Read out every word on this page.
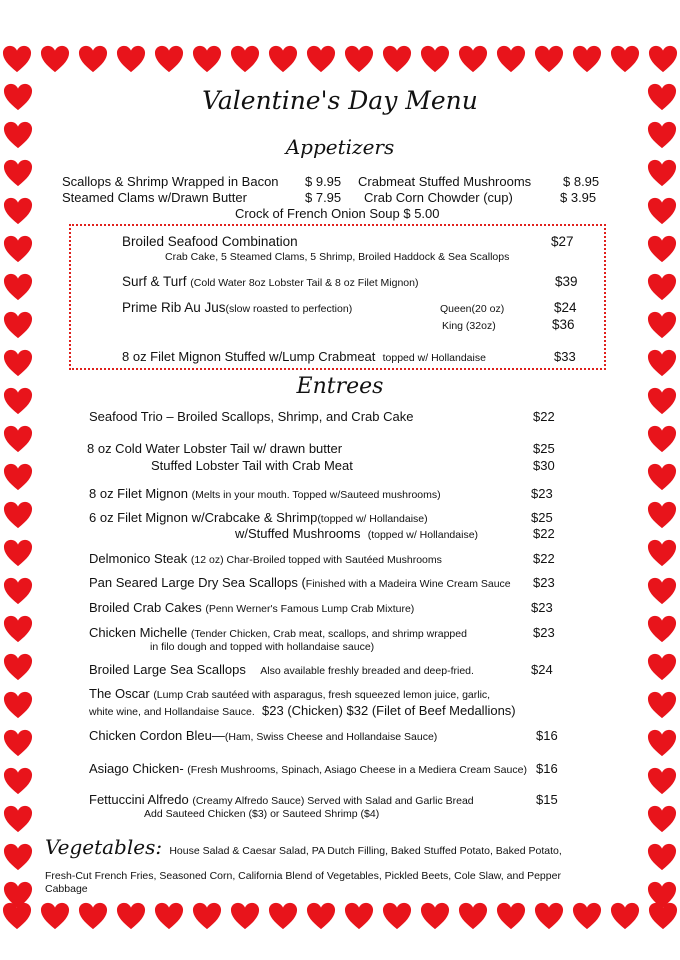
Valentine's Day Menu
Appetizers
Scallops & Shrimp Wrapped in Bacon $ 9.95 Crabmeat Stuffed Mushrooms $ 8.95
Steamed Clams w/Drawn Butter	$ 7.95 Crab Corn Chowder (cup)	$ 3.95
Crock of French Onion Soup $ 5.00
Broiled Seafood Combination	$27
Crab Cake, 5 Steamed Clams, 5 Shrimp, Broiled Haddock & Sea Scallops
Surf & Turf (Cold Water 8oz Lobster Tail & 8 oz Filet Mignon)	$39
Prime Rib Au Jus(slow roasted to perfection)	Queen(20 oz)	$24
King (32oz)	$36
8 oz Filet Mignon Stuffed w/Lump Crabmeat topped w/ Hollandaise	$33
Entrees
Seafood Trio – Broiled Scallops, Shrimp, and Crab Cake	$22
8 oz Cold Water Lobster Tail w/ drawn butter	$25
Stuffed Lobster Tail with Crab Meat	$30
8 oz Filet Mignon (Melts in your mouth. Topped w/Sauteed mushrooms)	$23
6 oz Filet Mignon w/Crabcake & Shrimp(topped w/ Hollandaise)	$25
w/Stuffed Mushrooms (topped w/ Hollandaise)	$22
Delmonico Steak (12 oz) Char-Broiled topped with Sautéed Mushrooms	$22
Pan Seared Large Dry Sea Scallops (Finished with a Madeira Wine Cream Sauce $23
Broiled Crab Cakes (Penn Werner's Famous Lump Crab Mixture)	$23
Chicken Michelle (Tender Chicken, Crab meat, scallops, and shrimp wrapped	$23
in filo dough and topped with hollandaise sauce)
Broiled Large Sea Scallops Also available freshly breaded and deep-fried.	$24
The Oscar (Lump Crab sautéed with asparagus, fresh squeezed lemon juice, garlic,
white wine, and Hollandaise Sauce. $23 (Chicken) $32 (Filet of Beef Medallions)
Chicken Cordon Bleu—(Ham, Swiss Cheese and Hollandaise Sauce)	$16
Asiago Chicken- (Fresh Mushrooms, Spinach, Asiago Cheese in a Mediera Cream Sauce) $16
Fettuccini Alfredo (Creamy Alfredo Sauce) Served with Salad and Garlic Bread	$15
Add Sauteed Chicken ($3) or Sauteed Shrimp ($4)
Vegetables: House Salad & Caesar Salad, PA Dutch Filling, Baked Stuffed Potato, Baked Potato,
Fresh-Cut French Fries, Seasoned Corn, California Blend of Vegetables, Pickled Beets, Cole Slaw, and Pepper
Cabbage
